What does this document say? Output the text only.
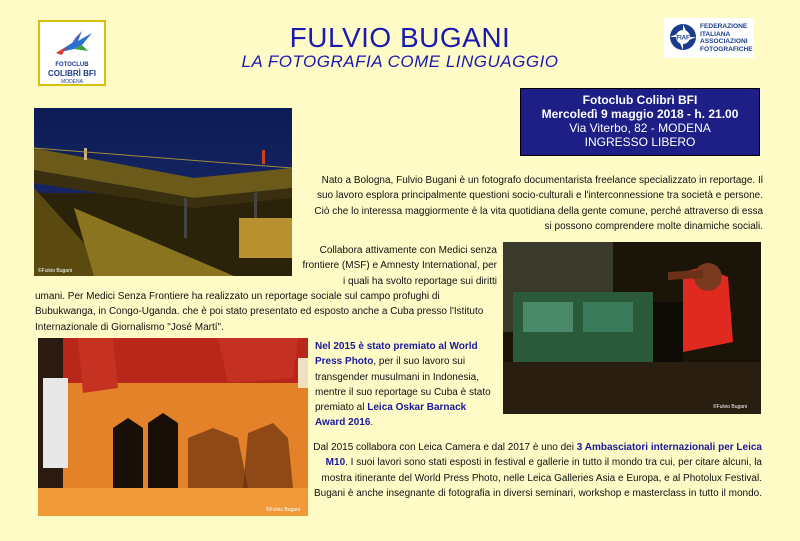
FOTOCLUB
COLIBRÌ BFI
MODENA
FULVIO BUGANI
LA FOTOGRAFIA COME LINGUAGGIO
FIAF
FEDERAZIONE
ITALIANA
ASSOCIAZIONI
FOTOGRAFICHE
Fotoclub Colibrì BFI
Mercoledì 9 maggio 2018 - h. 21.00
Via Viterbo, 82 - MODENA
INGRESSO LIBERO
©Fulvio Bugani
©Fulvio Bugani
©Fulvio Bugani
Nato a Bologna, Fulvio Bugani è un fotografo documentarista freelance specializzato in reportage. Il suo lavoro esplora principalmente questioni socio-culturali e l'interconnessione tra società e persone. Ciò che lo interessa maggiormente è la vita quotidiana della gente comune, perché attraverso di essa si possono comprendere molte dinamiche sociali.
Collabora attivamente con Medici senza frontiere (MSF) e Amnesty International, per i quali ha svolto reportage sui diritti
umani. Per Medici Senza Frontiere ha realizzato un reportage sociale sul campo profughi di Bubukwanga, in Congo-Uganda. che è poi stato presentato ed esposto anche a Cuba presso l'Istituto Internazionale di Giornalismo "José Martí".
Nel 2015 è stato premiato al World Press Photo, per il suo lavoro sui transgender musulmani in Indonesia, mentre il suo reportage su Cuba è stato premiato al Leica Oskar Barnack Award 2016.
Dal 2015 collabora con Leica Camera e dal 2017 è uno dei 3 Ambasciatori internazionali per Leica M10. I suoi lavori sono stati esposti in festival e gallerie in tutto il mondo tra cui, per citare alcuni, la mostra itinerante del World Press Photo, nelle Leica Galleries Asia e Europa, e al Photolux Festival. Bugani è anche insegnante di fotografia in diversi seminari, workshop e masterclass in tutto il mondo.
